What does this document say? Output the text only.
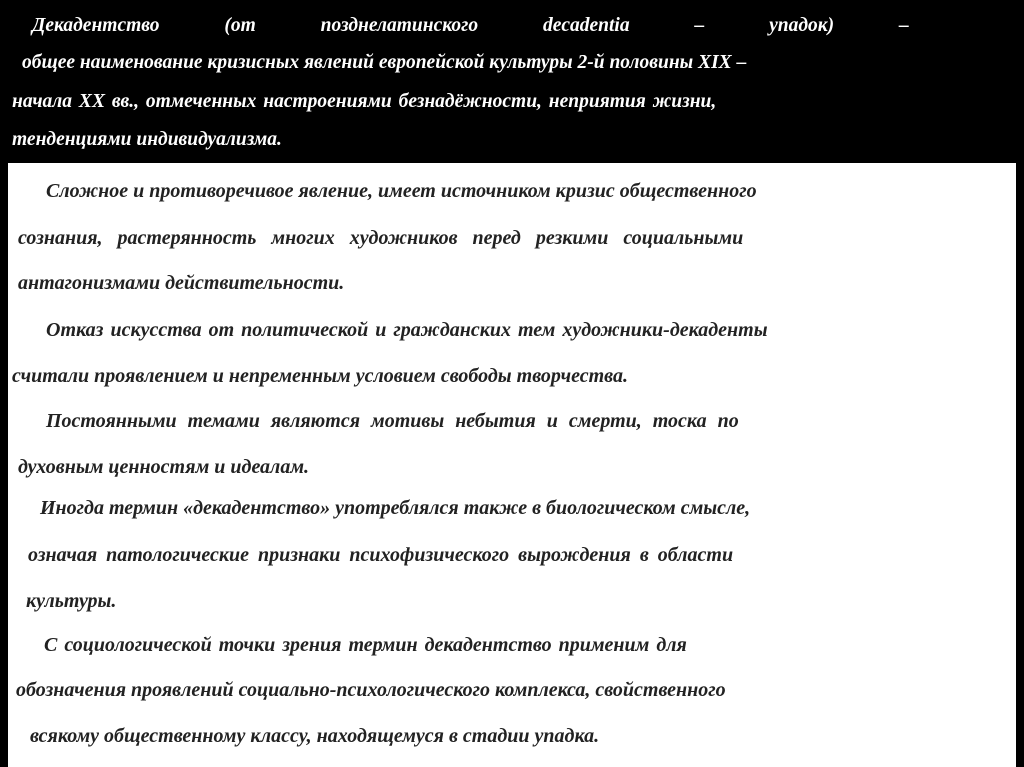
Декадентство (от позднелатинского decadentia – упадок) –
общее наименование кризисных явлений европейской культуры 2-й половины XIX –
начала XX вв., отмеченных настроениями безнадёжности, неприятия жизни,
тенденциями индивидуализма.
Сложное и противоречивое явление, имеет источником кризис общественного
сознания, растерянность многих художников перед резкими социальными
антагонизмами действительности.
Отказ искусства от политической и гражданских тем художники-декаденты
считали проявлением и непременным условием свободы творчества.
Постоянными темами являются мотивы небытия и смерти, тоска по
духовным ценностям и идеалам.
Иногда термин «декадентство» употреблялся также в биологическом смысле,
означая патологические признаки психофизического вырождения в области
культуры.
С социологической точки зрения термин декадентство применим для
обозначения проявлений социально-психологического комплекса, свойственного
всякому общественному классу, находящемуся в стадии упадка.
